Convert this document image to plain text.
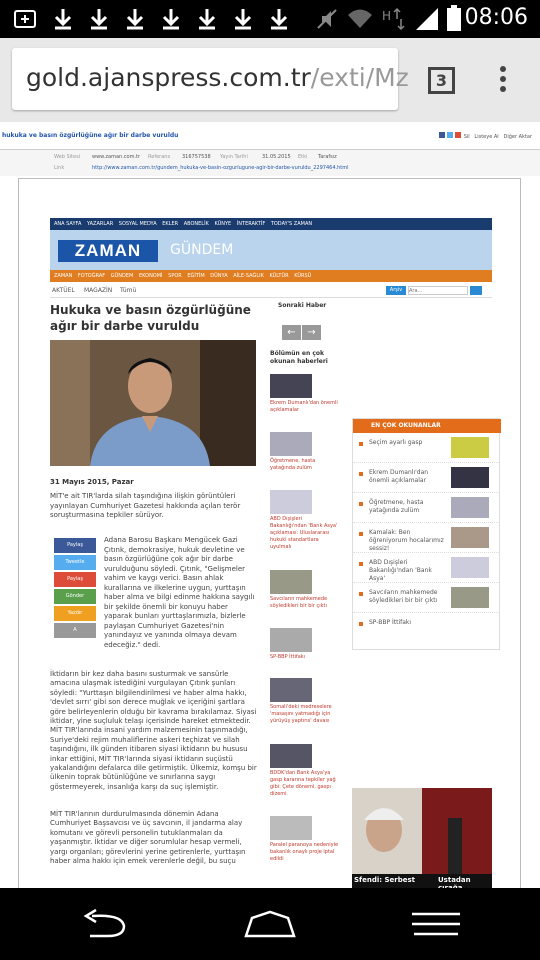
H	08:06
gold.ajanspress.com.tr/exti/Mz	3
hukuka ve basın özgürlüğüne ağır bir darbe vuruldu	Sil Listeye Al Diğer Aktar
Web Sitesi www.zaman.com.tr Referans 316757538 Yayın Tarihi	31.05.2015 Etki Tarafsız
Link	http://www.zaman.com.tr/gundem_hukuka-ve-basin-ozgurlugune-agir-bir-darbe-vuruldu_2297464.html
ANA SAYFA YAZARLAR SOSYAL MEDYA EKLER ABONELİK KÜNYE İNTERAKTİF TODAY'S ZAMAN
ZAMAN	GÜNDEM
ZAMAN FOTOĞRAF GÜNDEM EKONOMİ SPOR EĞİTİM DÜNYA AİLE-SAĞLIK KÜLTÜR KÜRSÜ
AKTÜEL MAGAZİN Tümü	Arşiv
Ara...
Hukuka ve basın özgürlüğüne ağır bir darbe vuruldu
31 Mayıs 2015, Pazar
MİT'e ait TIR'larda silah taşındığına ilişkin görüntüleri yayınlayan Cumhuriyet Gazetesi hakkında açılan terör soruşturmasına tepkiler sürüyor.
Paylaş
Tweetle
Paylaş
Gönder
Yazdır
A
Adana Barosu Başkanı Mengücek Gazi Çıtınk, demokrasiye, hukuk devletine ve basın özgürlüğüne çok ağır bir darbe vurulduğunu söyledi. Çıtınk, "Gelişmeler vahim ve kaygı verici. Basın ahlak kurallarına ve ilkelerine uygun, yurttaşın haber alma ve bilgi edinme hakkına saygılı bir şekilde önemli bir konuyu haber yaparak bunları yurttaşlarımızla, bizlerle paylaşan Cumhuriyet Gazetesi'nin yanındayız ve yanında olmaya devam edeceğiz." dedi.
İktidarın bir kez daha basını susturmak ve sansürle amacına ulaşmak istediğini vurgulayan Çıtınk şunları söyledi: "Yurttaşın bilgilendirilmesi ve haber alma hakkı, 'devlet sırrı' gibi son derece muğlak ve içeriğini şartlara göre belirleyenlerin olduğu bir kavrama bırakılamaz. Siyasi iktidar, yine suçluluk telaşı içerisinde hareket etmektedir. MİT TIR'larında insani yardım malzemesinin taşınmadığı, Suriye'deki rejim muhaliflerine askeri teçhizat ve silah taşındığını, ilk günden itibaren siyasi iktidarın bu hususu inkar ettiğini, MİT TIR'larında siyasi iktidarın suçüstü yakalandığını defalarca dile getirmiştik. Ülkemiz, komşu bir ülkenin toprak bütünlüğüne ve sınırlarına saygı göstermeyerek, insanlığa karşı da suç işlemiştir.
MİT TIR'larının durdurulmasında dönemin Adana Cumhuriyet Başsavcısı ve üç savcının, il jandarma alay komutanı ve görevli personelin tutuklanmaları da yaşanmıştır. İktidar ve diğer sorumlular hesap vermeli, yargı organları; görevlerini yerine getirenlerle, yurttaşın haber alma hakkı için emek verenlerle değil, bu suçu
Sonraki Haber
← →
Bölümün en çok okunan haberleri
Ekrem Dumanlı'dan önemli açıklamalar
Öğretmene, hasta yatağında zulüm
ABD Dışişleri Bakanlığı'ndan 'Bank Asya' açıklaması: Uluslararası hukuki standartlara uyulmalı
Savcıların mahkemede söyledikleri bir bir çıktı
SP-BBP İttifakı
Somali'deki medreselere 'masaşını yatmadığı için yürüyüş yaptırıs' davası
BDDK'dan Bank Asya'ya gasp kararına tepkiler yağ gibi: Çete dönemi, gaspı dizemi
Paralel paranoya nedeniyle bakanlık onaylı proje iptal edildi
EN ÇOK OKUNANLAR
Seçim ayarlı gasp
Ekrem Dumanlı'dan önemli açıklamalar
Öğretmene, hasta yatağında zulüm
Kamalak: Ben öğreniyorum hocalarımız sessiz!
ABD Dışişleri Bakanlığı'ndan 'Bank Asya'
Savcıların mahkemede söyledikleri bir bir çıktı
SP-BBP İttifakı
Sfendi: Serbest	Ustadan
